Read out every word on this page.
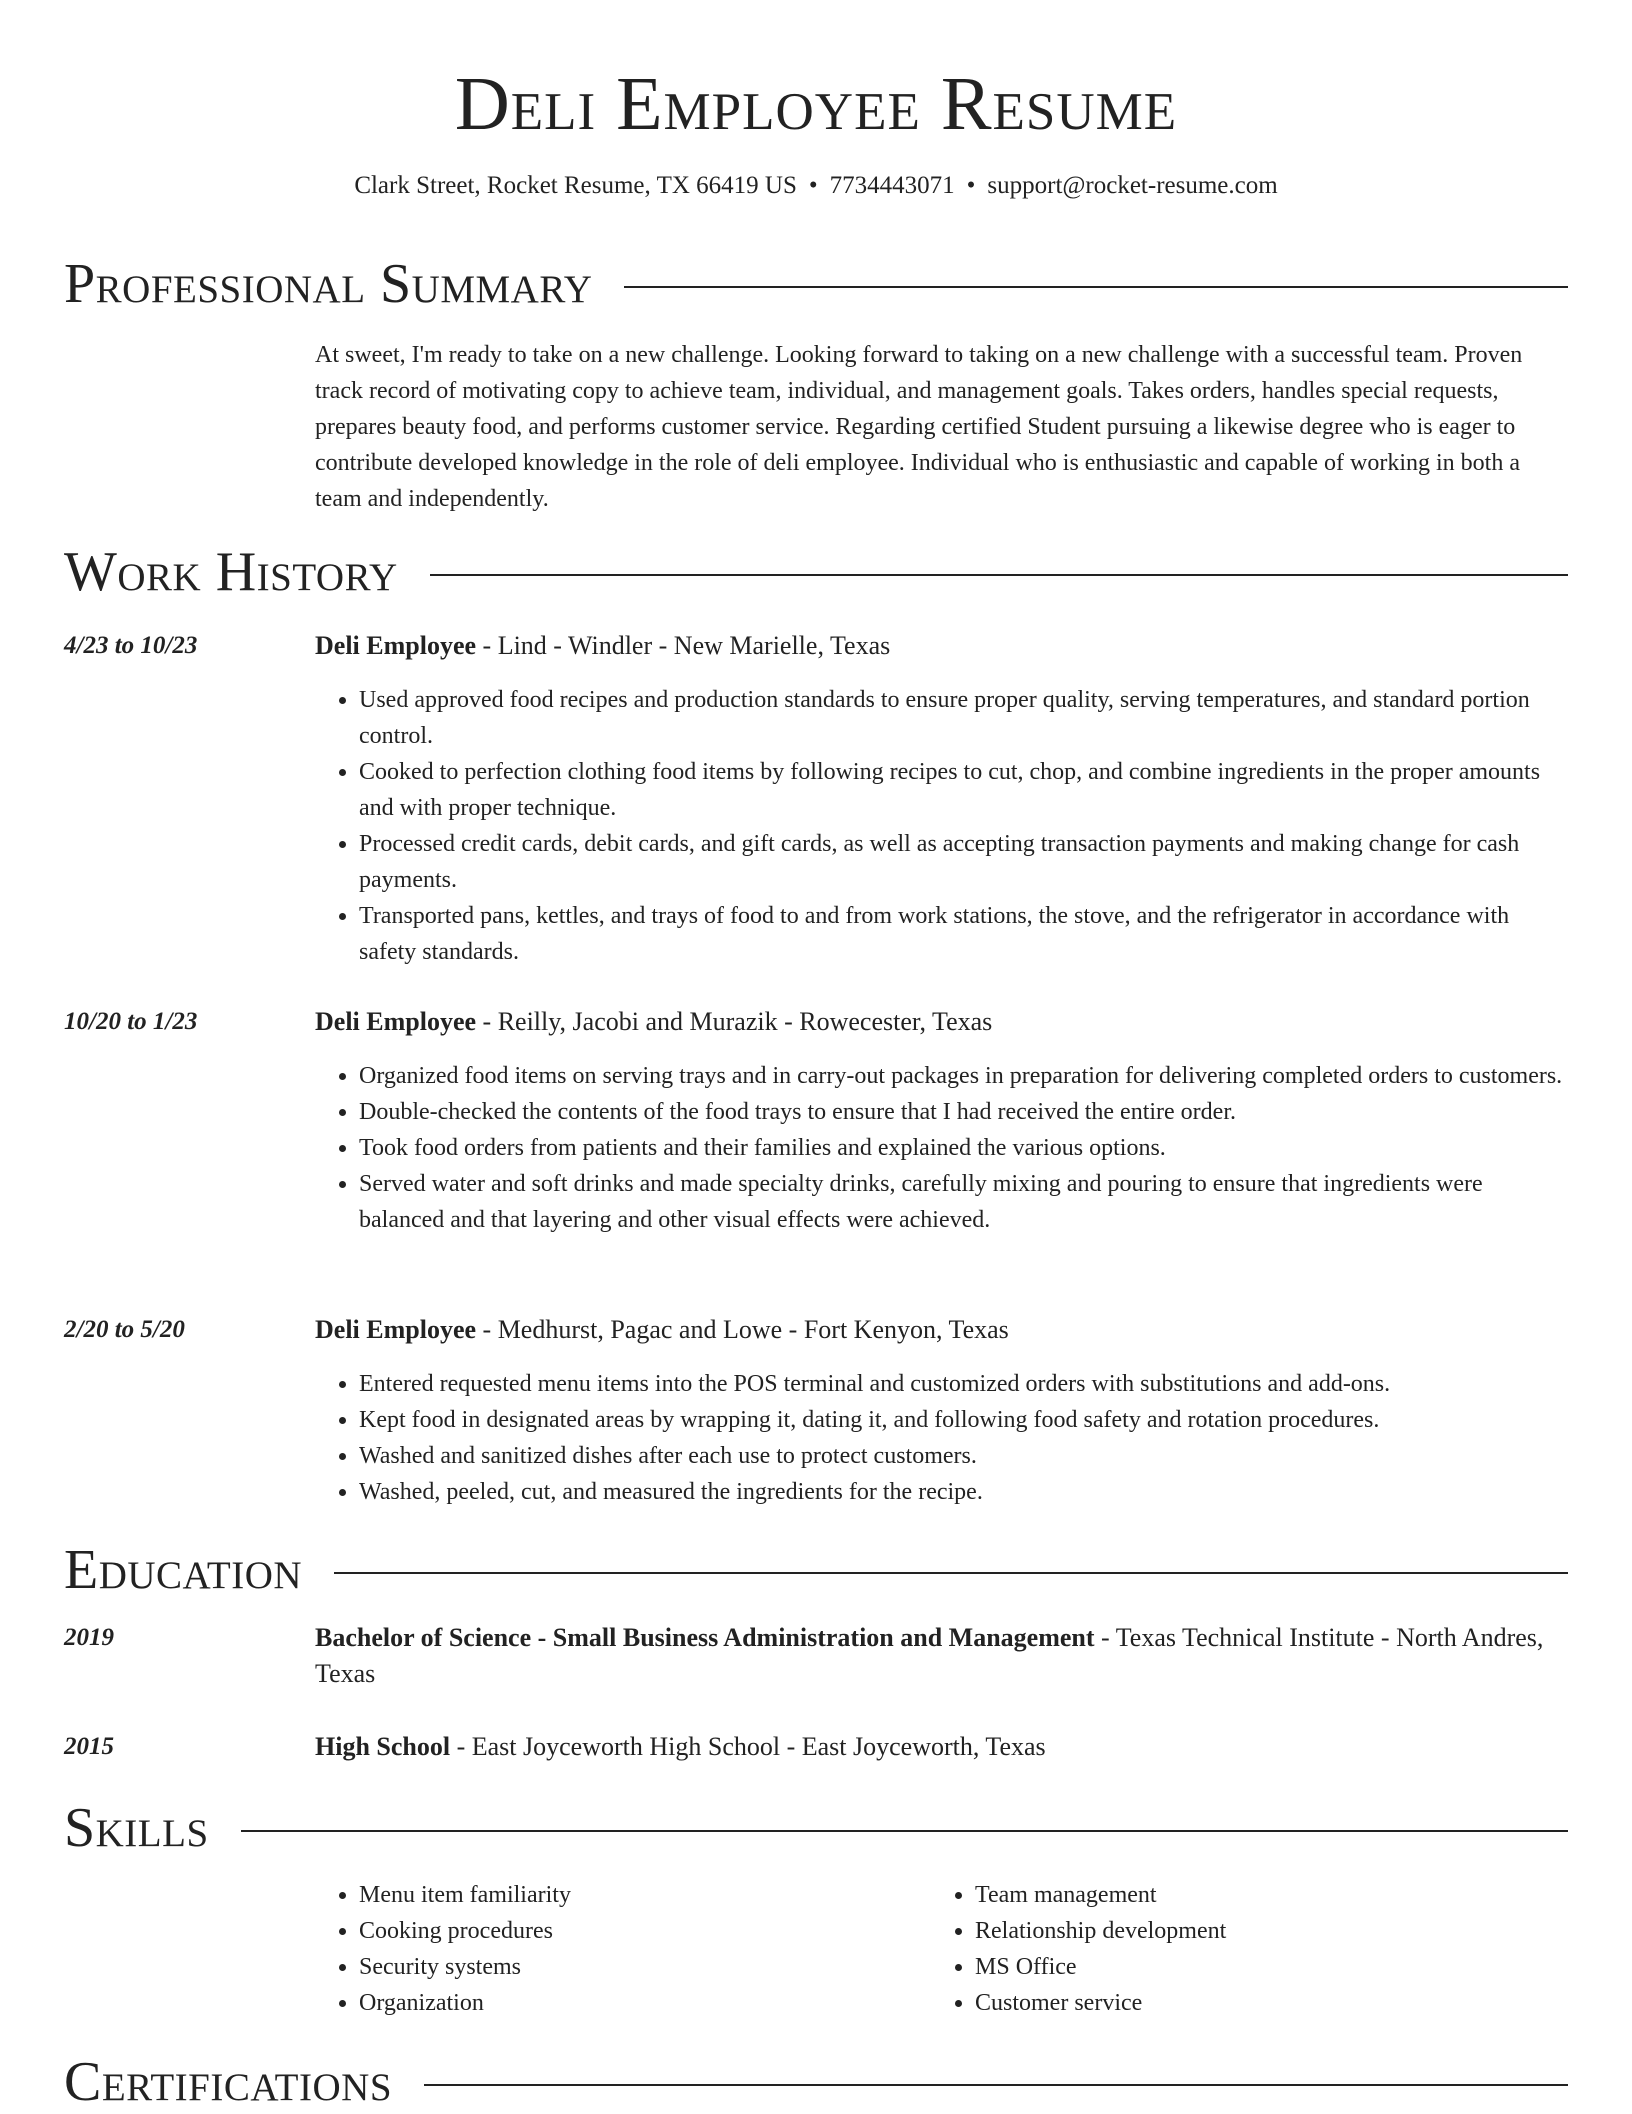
Deli Employee Resume
Clark Street, Rocket Resume, TX 66419 US • 7734443071 • support@rocket-resume.com
Professional Summary
At sweet, I'm ready to take on a new challenge. Looking forward to taking on a new challenge with a successful team. Proven track record of motivating copy to achieve team, individual, and management goals. Takes orders, handles special requests, prepares beauty food, and performs customer service. Regarding certified Student pursuing a likewise degree who is eager to contribute developed knowledge in the role of deli employee. Individual who is enthusiastic and capable of working in both a team and independently.
Work History
4/23 to 10/23	Deli Employee - Lind - Windler - New Marielle, Texas

• Used approved food recipes and production standards to ensure proper quality, serving temperatures, and standard portion control.
• Cooked to perfection clothing food items by following recipes to cut, chop, and combine ingredients in the proper amounts and with proper technique.
• Processed credit cards, debit cards, and gift cards, as well as accepting transaction payments and making change for cash payments.
• Transported pans, kettles, and trays of food to and from work stations, the stove, and the refrigerator in accordance with safety standards.
10/20 to 1/23	Deli Employee - Reilly, Jacobi and Murazik - Rowecester, Texas

• Organized food items on serving trays and in carry-out packages in preparation for delivering completed orders to customers.
• Double-checked the contents of the food trays to ensure that I had received the entire order.
• Took food orders from patients and their families and explained the various options.
• Served water and soft drinks and made specialty drinks, carefully mixing and pouring to ensure that ingredients were balanced and that layering and other visual effects were achieved.
2/20 to 5/20	Deli Employee - Medhurst, Pagac and Lowe - Fort Kenyon, Texas

• Entered requested menu items into the POS terminal and customized orders with substitutions and add-ons.
• Kept food in designated areas by wrapping it, dating it, and following food safety and rotation procedures.
• Washed and sanitized dishes after each use to protect customers.
• Washed, peeled, cut, and measured the ingredients for the recipe.
Education
2019	Bachelor of Science - Small Business Administration and Management - Texas Technical Institute - North Andres, Texas

2015	High School - East Joyceworth High School - East Joyceworth, Texas

Skills
• Menu item familiarity
• Cooking procedures
• Security systems
• Organization
• Team management
• Relationship development
• MS Office
• Customer service
Certifications
